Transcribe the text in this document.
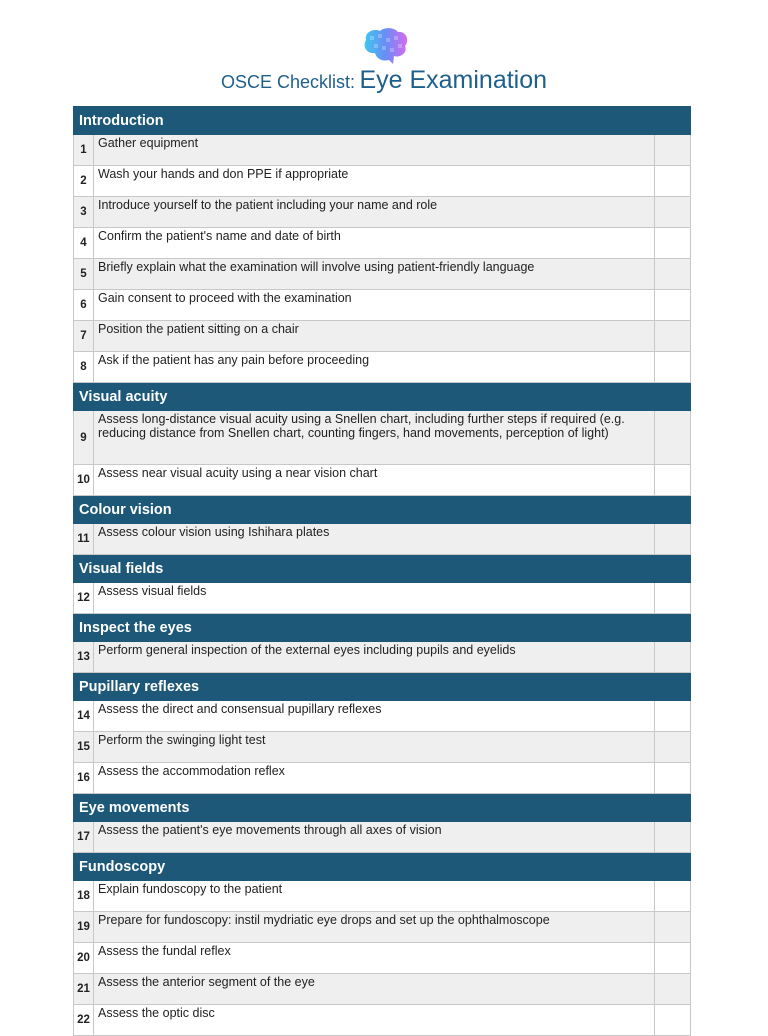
OSCE Checklist: Eye Examination
Introduction		
1	Gather equipment	
2	Wash your hands and don PPE if appropriate	
3	Introduce yourself to the patient including your name and role	
4	Confirm the patient's name and date of birth	
5	Briefly explain what the examination will involve using patient-friendly language	
6	Gain consent to proceed with the examination	
7	Position the patient sitting on a chair	
8	Ask if the patient has any pain before proceeding	
Visual acuity		
9	Assess long-distance visual acuity using a Snellen chart, including further steps if required (e.g. reducing distance from Snellen chart, counting fingers, hand movements, perception of light)	
10	Assess near visual acuity using a near vision chart	
Colour vision		
11	Assess colour vision using Ishihara plates	
Visual fields		
12	Assess visual fields	
Inspect the eyes		
13	Perform general inspection of the external eyes including pupils and eyelids	
Pupillary reflexes		
14	Assess the direct and consensual pupillary reflexes	
15	Perform the swinging light test	
16	Assess the accommodation reflex	
Eye movements		
17	Assess the patient's eye movements through all axes of vision	
Fundoscopy		
18	Explain fundoscopy to the patient	
19	Prepare for fundoscopy: instil mydriatic eye drops and set up the ophthalmoscope	
20	Assess the fundal reflex	
21	Assess the anterior segment of the eye	
22	Assess the optic disc	
